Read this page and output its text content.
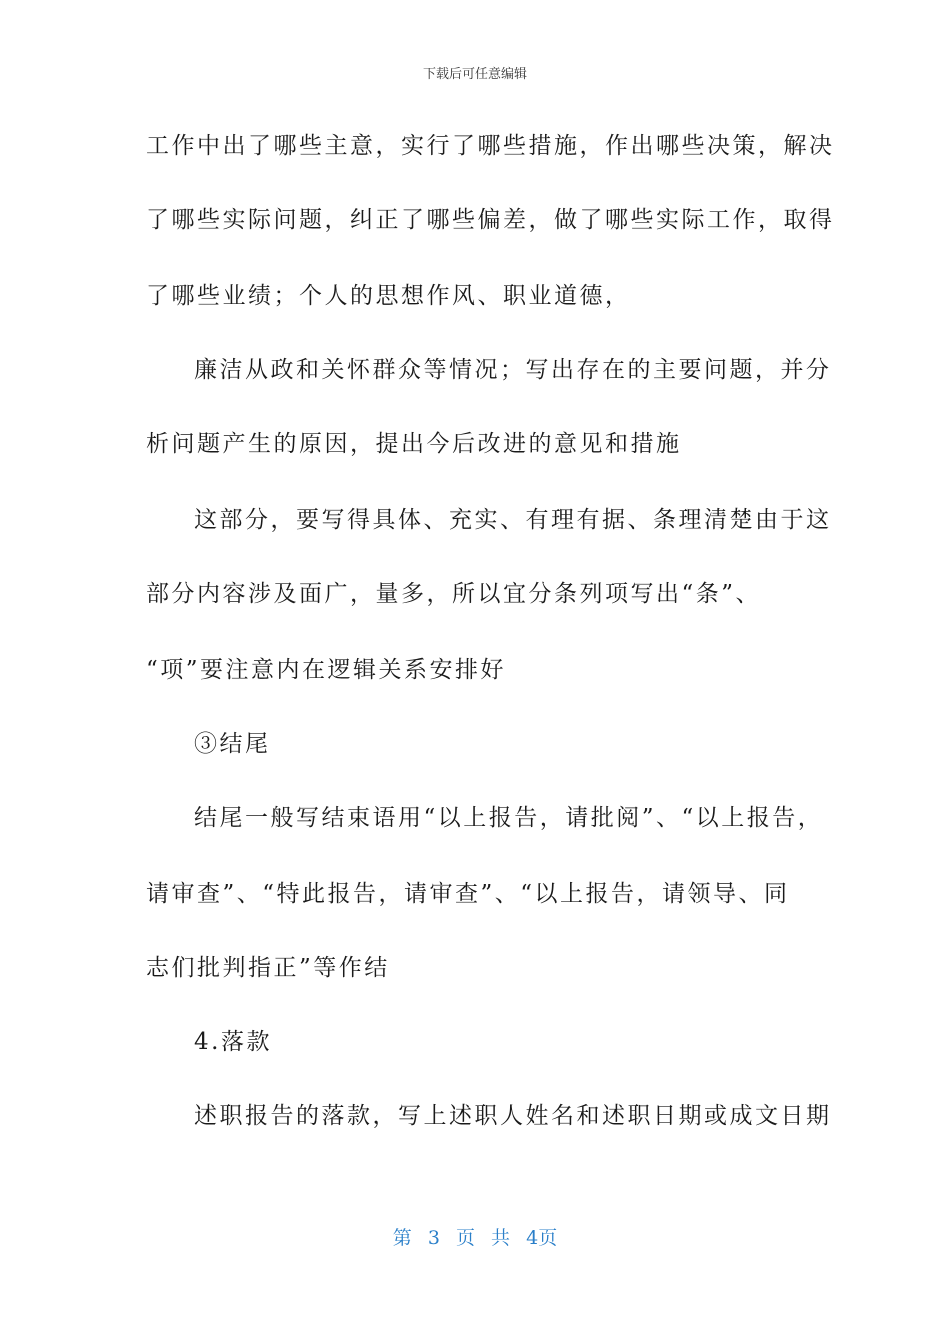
下载后可任意编辑
工作中出了哪些主意，实行了哪些措施，作出哪些决策，解决
了哪些实际问题，纠正了哪些偏差，做了哪些实际工作，取得
了哪些业绩；个人的思想作风、职业道德，
廉洁从政和关怀群众等情况；写出存在的主要问题，并分
析问题产生的原因，提出今后改进的意见和措施
这部分，要写得具体、充实、有理有据、条理清楚由于这
部分内容涉及面广，量多，所以宜分条列项写出“条”、
“项”要注意内在逻辑关系安排好
③结尾
结尾一般写结束语用“以上报告，请批阅”、“以上报告，
请审查”、“特此报告，请审查”、“以上报告，请领导、同
志们批判指正”等作结
4.落款
述职报告的落款，写上述职人姓名和述职日期或成文日期
第 3 页 共 4页
